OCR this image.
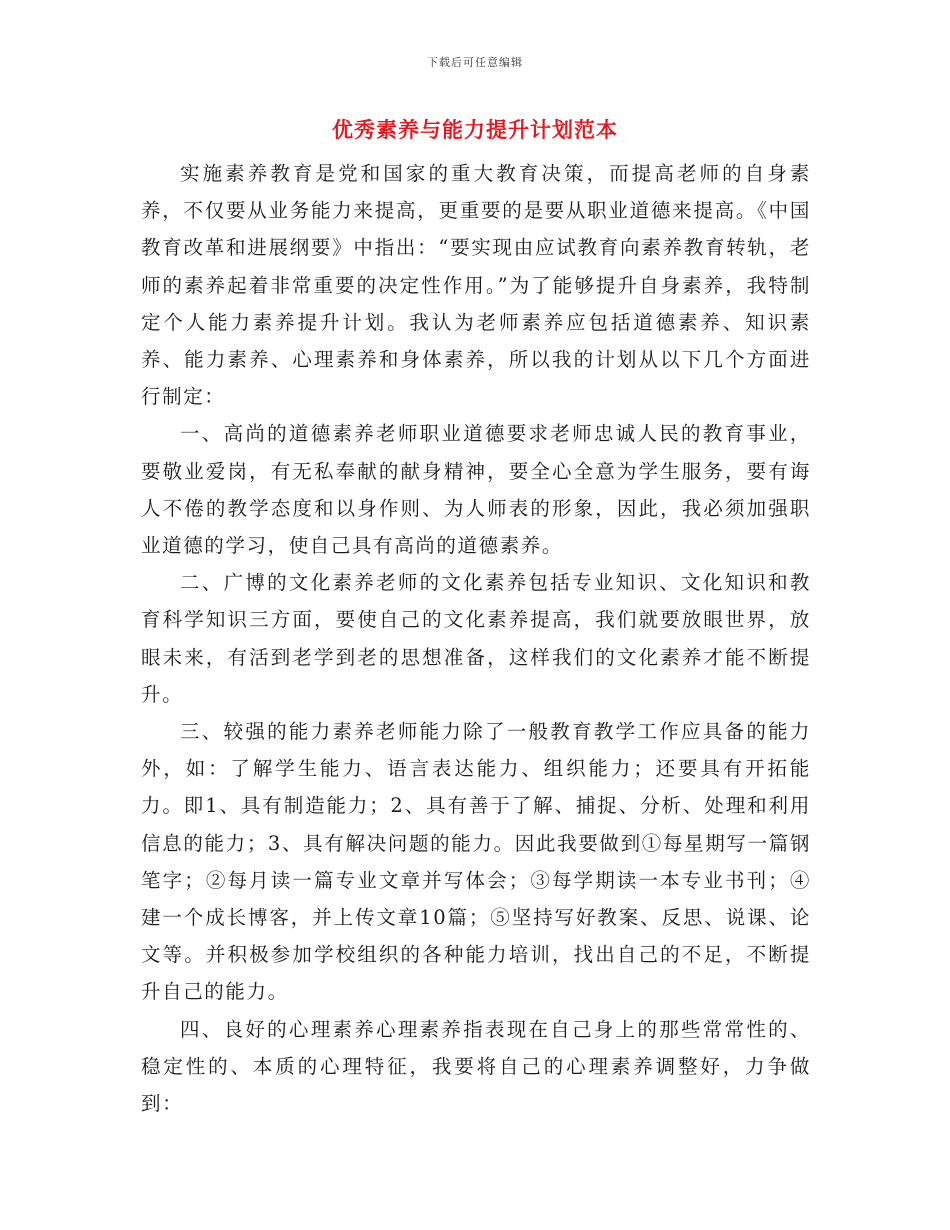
下载后可任意编辑
优秀素养与能力提升计划范本

实施素养教育是党和国家的重大教育决策，而提高老师的自身素养，不仅要从业务能力来提高，更重要的是要从职业道德来提高。《中国教育改革和进展纲要》中指出：“要实现由应试教育向素养教育转轨，老师的素养起着非常重要的决定性作用。”为了能够提升自身素养，我特制定个人能力素养提升计划。我认为老师素养应包括道德素养、知识素养、能力素养、心理素养和身体素养，所以我的计划从以下几个方面进行制定：

一、高尚的道德素养老师职业道德要求老师忠诚人民的教育事业，要敬业爱岗，有无私奉献的献身精神，要全心全意为学生服务，要有诲人不倦的教学态度和以身作则、为人师表的形象，因此，我必须加强职业道德的学习，使自己具有高尚的道德素养。

二、广博的文化素养老师的文化素养包括专业知识、文化知识和教育科学知识三方面，要使自己的文化素养提高，我们就要放眼世界，放眼未来，有活到老学到老的思想准备，这样我们的文化素养才能不断提升。

三、较强的能力素养老师能力除了一般教育教学工作应具备的能力外，如：了解学生能力、语言表达能力、组织能力；还要具有开拓能力。即1、具有制造能力；2、具有善于了解、捕捉、分析、处理和利用信息的能力；3、具有解决问题的能力。因此我要做到①每星期写一篇钢笔字；②每月读一篇专业文章并写体会；③每学期读一本专业书刊；④建一个成长博客，并上传文章10篇；⑤坚持写好教案、反思、说课、论文等。并积极参加学校组织的各种能力培训，找出自己的不足，不断提升自己的能力。

四、良好的心理素养心理素养指表现在自己身上的那些常常性的、稳定性的、本质的心理特征，我要将自己的心理素养调整好，力争做到：
